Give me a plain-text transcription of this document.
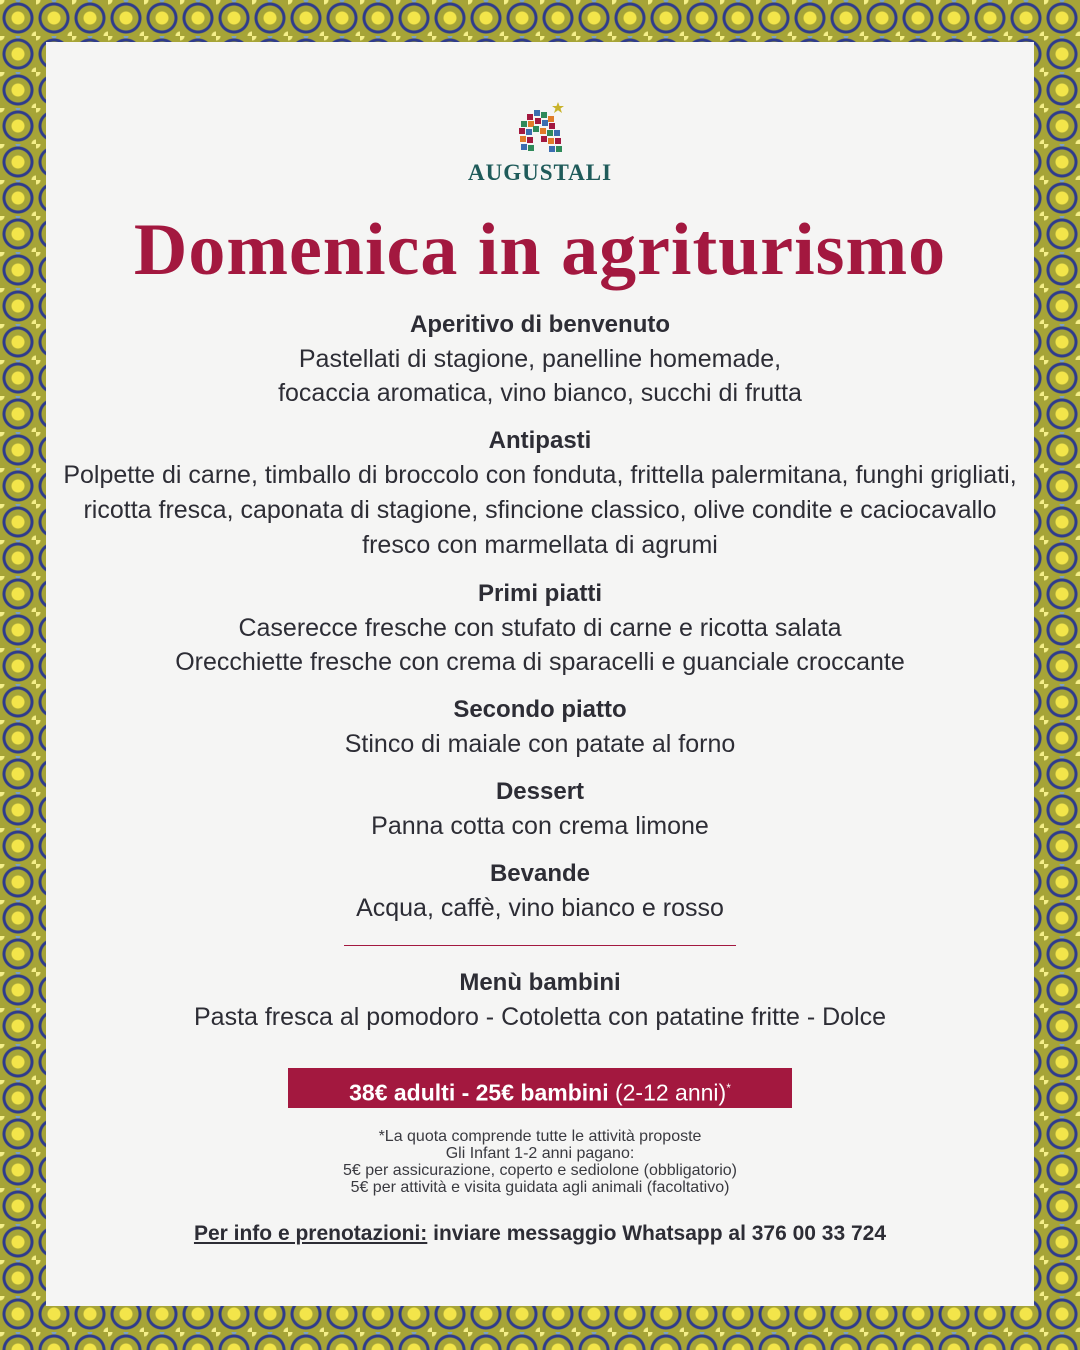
AUGUSTALI
Domenica in agriturismo
Aperitivo di benvenuto
Pastellati di stagione, panelline homemade,
focaccia aromatica, vino bianco, succhi di frutta
Antipasti
Polpette di carne, timballo di broccolo con fonduta, frittella palermitana, funghi grigliati, ricotta fresca, caponata di stagione, sfincione classico, olive condite e caciocavallo fresco con marmellata di agrumi
Primi piatti
Caserecce fresche con stufato di carne e ricotta salata
Orecchiette fresche con crema di sparacelli e guanciale croccante
Secondo piatto
Stinco di maiale con patate al forno
Dessert
Panna cotta con crema limone
Bevande
Acqua, caffè, vino bianco e rosso
Menù bambini
Pasta fresca al pomodoro - Cotoletta con patatine fritte - Dolce
38€ adulti - 25€ bambini (2-12 anni)*
*La quota comprende tutte le attività proposte
Gli Infant 1-2 anni pagano:
5€ per assicurazione, coperto e sediolone (obbligatorio)
5€ per attività e visita guidata agli animali (facoltativo)
Per info e prenotazioni: inviare messaggio Whatsapp al 376 00 33 724
